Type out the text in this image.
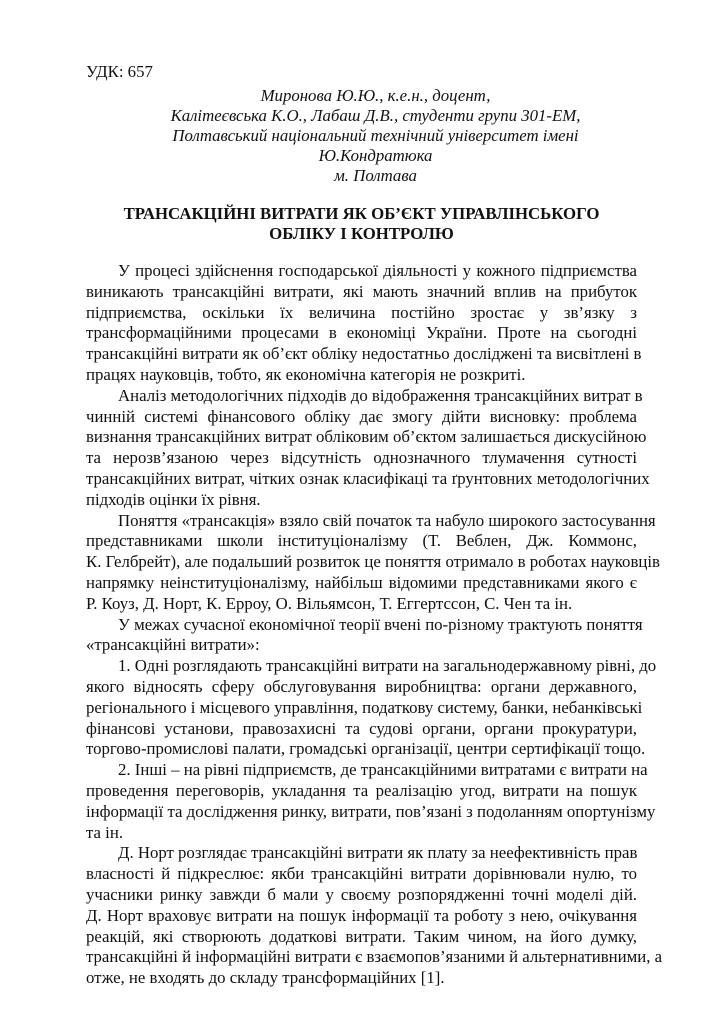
УДК: 657
Миронова Ю.Ю., к.е.н., доцент,
Калітеєвська К.О., Лабаш Д.В., студенти групи 301-ЕМ,
Полтавський національний технічний університет імені Ю.Кондратюка
м. Полтава
ТРАНСАКЦІЙНІ ВИТРАТИ ЯК ОБ’ЄКТ УПРАВЛІНСЬКОГО
ОБЛІКУ І КОНТРОЛЮ
У процесі здійснення господарської діяльності у кожного підприємства
виникають трансакційні витрати, які мають значний вплив на прибуток
підприємства, оскільки їх величина постійно зростає у зв’язку з
трансформаційними процесами в економіці України. Проте на сьогодні
трансакційні витрати як об’єкт обліку недостатньо досліджені та висвітлені в
працях науковців, тобто, як економічна категорія не розкриті.
Аналіз методологічних підходів до відображення трансакційних витрат в
чинній системі фінансового обліку дає змогу дійти висновку: проблема
визнання трансакційних витрат обліковим об’єктом залишається дискусійною
та нерозв’язаною через відсутність однозначного тлумачення сутності
трансакційних витрат, чітких ознак класифікаці та ґрунтовних методологічних
підходів оцінки їх рівня.
Поняття «трансакція» взяло свій початок та набуло широкого застосування
представниками школи інституціоналізму (Т. Веблен, Дж. Коммонс,
К. Гелбрейт), але подальший розвиток це поняття отримало в роботах науковців
напрямку неінституціоналізму, найбільш відомими представниками якого є
Р. Коуз, Д. Норт, К. Ерроу, О. Вільямсон, Т. Еггертссон, С. Чен та ін.
У межах сучасної економічної теорії вчені по-різному трактують поняття
«трансакційні витрати»:
1. Одні розглядають трансакційні витрати на загальнодержавному рівні, до
якого відносять сферу обслуговування виробництва: органи державного,
регіонального і місцевого управління, податкову систему, банки, небанківські
фінансові установи, правозахисні та судові органи, органи прокуратури,
торгово-промислові палати, громадські організації, центри сертифікації тощо.
2. Інші – на рівні підприємств, де трансакційними витратами є витрати на
проведення переговорів, укладання та реалізацію угод, витрати на пошук
інформації та дослідження ринку, витрати, пов’язані з подоланням опортунізму
та ін.
Д. Норт розглядає трансакційні витрати як плату за неефективність прав
власності й підкреслює: якби трансакційні витрати дорівнювали нулю, то
учасники ринку завжди б мали у своєму розпорядженні точні моделі дій.
Д. Норт враховує витрати на пошук інформації та роботу з нею, очікування
реакцій, які створюють додаткові витрати. Таким чином, на його думку,
трансакційні й інформаційні витрати є взаємопов’язаними й альтернативними, а
отже, не входять до складу трансформаційних [1].
